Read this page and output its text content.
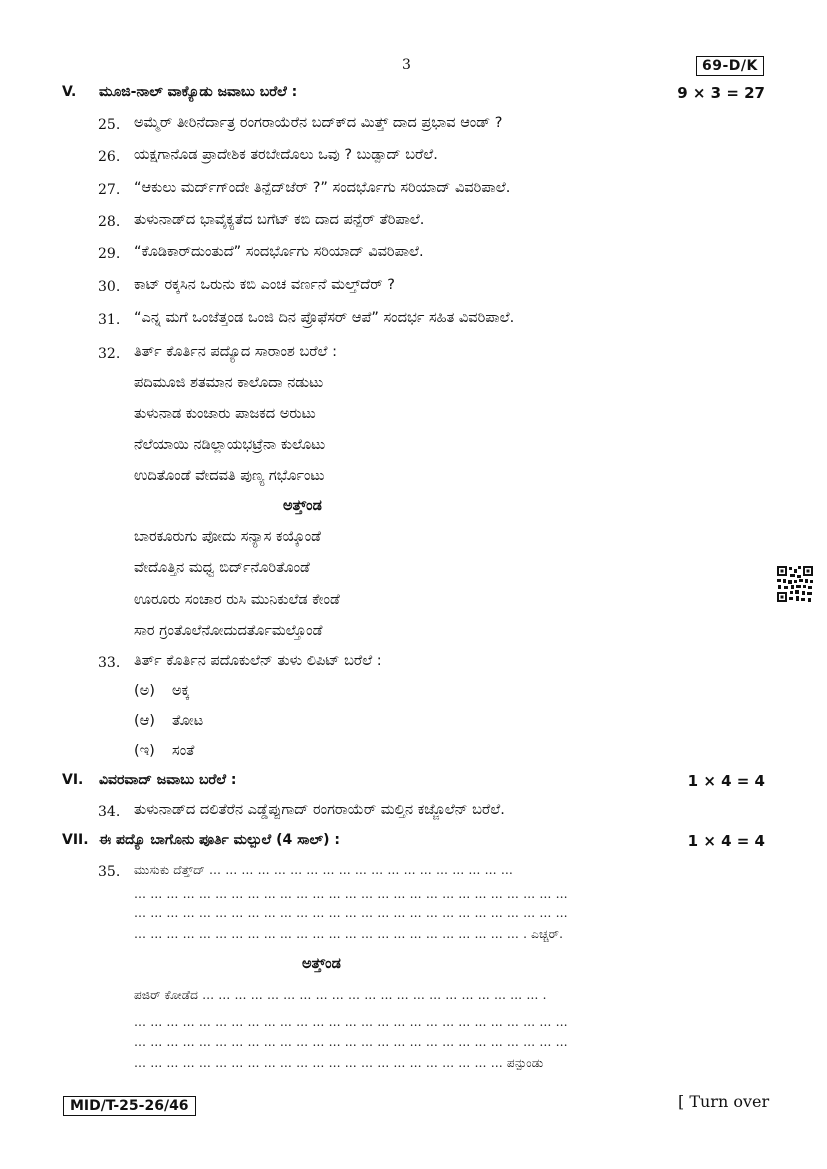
3	69-D/K
V. ಮೂಜಿ-ನಾಲ್ ವಾಕ್ಯೊಡು ಜವಾಬು ಬರೆಲೆ :	9 × 3 = 27
25. ಅಮ್ಮೆರ್ ತೀರಿನೆರ್ದಾತ್ರ ರಂಗರಾಯೆರೆನ ಬದ್‌ಕ್‌ದ ಮಿತ್ತ್ ದಾದ ಪ್ರಭಾವ ಆಂಡ್ ?
26. ಯಕ್ಷಗಾನೊಡ ಪ್ರಾದೇಶಿಕ ತರಬೇದೊಲು ಒವು ? ಬುಡ್ಪಾದ್ ಬರೆಲೆ.
27. “ಆಕುಲು ಮರ್ದ್‌ಗ್‌ಂದೇ ತಿನ್ಪೆದ್‌ಜೆರ್ ?” ಸಂದರ್ಭೊಗು ಸರಿಯಾದ್ ವಿವರಿಪಾಲೆ.
28. ತುಳುನಾಡ್‌ದ ಭಾವೈಕ್ಯತೆದ ಬಗೆಟ್ ಕಬಿ ದಾದ ಪನ್ಪೆರ್ ತೆರಿಪಾಲೆ.
29. “ಕೊಡಿಕಾರ್‌ದುಂತುದೆ” ಸಂದರ್ಭೊಗು ಸರಿಯಾದ್ ವಿವರಿಪಾಲೆ.
30. ಕಾಟ್ ರಕ್ಕಸಿನ ಒರುನು ಕಬಿ ಎಂಚ ವರ್ಣನೆ ಮಲ್ತ್‌ದೆರ್ ?
31. “ಎನ್ನ ಮಗೆ ಒಂಜೆತ್ತಂಡ ಒಂಜಿ ದಿನ ಪ್ರೊಫೆಸರ್ ಆಪೆ” ಸಂದರ್ಭ ಸಹಿತ ವಿವರಿಪಾಲೆ.
32. ತಿರ್ತ್ ಕೊರ್ತಿನ ಪದ್ಯೊದ ಸಾರಾಂಶ ಬರೆಲೆ :
ಪದಿಮೂಜಿ ಶತಮಾನ ಕಾಲೊದಾ ನಡುಟು
ತುಳುನಾಡ ಕುಂಜಾರು ಪಾಜಕದ ಅರುಟು
ನೆಲೆಯಾಯಿ ನಡಿಲ್ಲಾಯಭಟ್ರೆನಾ ಕುಲೊಟು
ಉದಿತೊಂಡೆ ವೇದವತಿ ಪುಣ್ಯ ಗರ್ಭೊಂಟು
ಅತ್ತ್ಂಡ
ಬಾರಕೂರುಗು ಪೋದು ಸನ್ಯಾಸ ಕಯ್ಕೊಂಡೆ
ವೇದೊತ್ತಿನ ಮಧ್ವ ಬಿರ್ದ್‌ನೊರಿತೊಂಡೆ
ಊರೂರು ಸಂಚಾರ ರುಸಿ ಮುನಿಕುಲೆಡ ಕೇಂಡೆ
ಸಾರ ಗ್ರಂತೊಲೆನೋದುದರ್ತೊಮಲ್ತೊಂಡೆ
33. ತಿರ್ತ್ ಕೊರ್ತಿನ ಪದೊಕುಲೆನ್ ತುಳು ಲಿಪಿಟ್ ಬರೆಲೆ :
(ಅ) ಅಕ್ಕ
(ಆ) ತೋಟ
(ಇ) ಸಂತೆ
VI. ವಿವರವಾದ್ ಜವಾಬು ಬರೆಲೆ :	1 × 4 = 4
34. ತುಳುನಾಡ್‌ದ ದಲಿತೆರೆನ ಎಡ್ಡೆಪ್ಪುಗಾದ್ ರಂಗರಾಯೆರ್ ಮಲ್ತಿನ ಕಜ್ಜೊಲೆನ್ ಬರೆಲೆ.
VII. ಈ ಪದ್ಯೊ ಬಾಗೊನು ಪೂರ್ತಿ ಮಲ್ಪುಲೆ (4 ಸಾಲ್) :	1 × 4 = 4
35. ಮುಸುಕು ದೆತ್ತ್‌ದ್ … … … … … … … … … … … … … … … … … … …
… … … … … … … … … … … … … … … … … … … … … … … … … … …
… … … … … … … … … … … … … … … … … … … … … … … … … … …
… … … … … … … … … … … … … … … … … … … … … … … … . ಎಚ್ಚರ್.
ಅತ್ತ್ಂಡ
ಪಜಿರ್ ಕೋಡೆದ … … … … … … … … … … … … … … … … … … … … … .
… … … … … … … … … … … … … … … … … … … … … … … … … … …
… … … … … … … … … … … … … … … … … … … … … … … … … … …
… … … … … … … … … … … … … … … … … … … … … … … ಪನ್ಪುಂಡು
MID/T-25-26/46	[ Turn over
